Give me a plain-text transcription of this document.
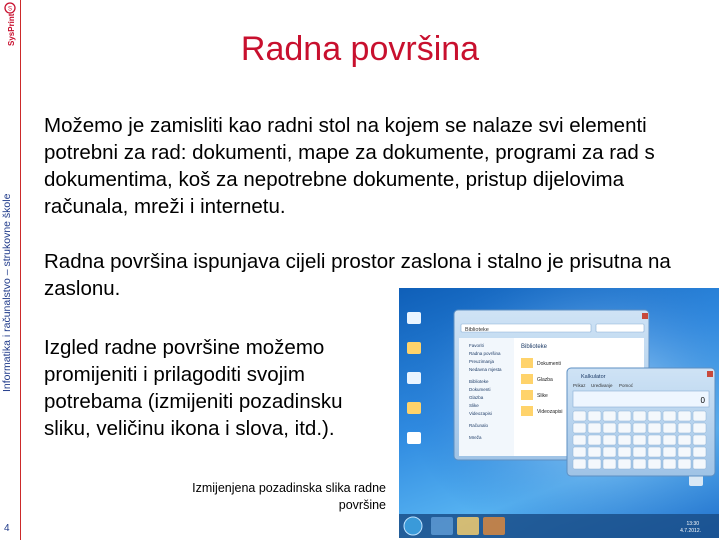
S
SysPrint
Informatika i računalstvo – strukovne škole
4
Radna površina
Možemo je zamisliti kao radni stol na kojem se nalaze svi elementi potrebni za rad: dokumenti, mape za dokumente, programi za rad s dokumentima, koš za nepotrebne dokumente, pristup dijelovima računala, mreži i internetu.
Radna površina ispunjava cijeli prostor zaslona i stalno je prisutna na zaslonu.
Izgled radne površine možemo promijeniti i prilagoditi svojim potrebama (izmijeniti pozadinsku sliku, veličinu ikona i slova, itd.).
Izmijenjena pozadinska slika radne površine
Biblioteke
Favoriti
Radna površina
Preuzimanja
Nedavna mjesta
Biblioteke
Dokumenti
Glazba
Slike
Videozapisi
Računalo
Mreža
Biblioteke
Dokumenti
Glazba
Slike
Videozapisi
Kalkulator
Prikaz Uređivanje Pomoć
0
13:30
4.7.2012.
